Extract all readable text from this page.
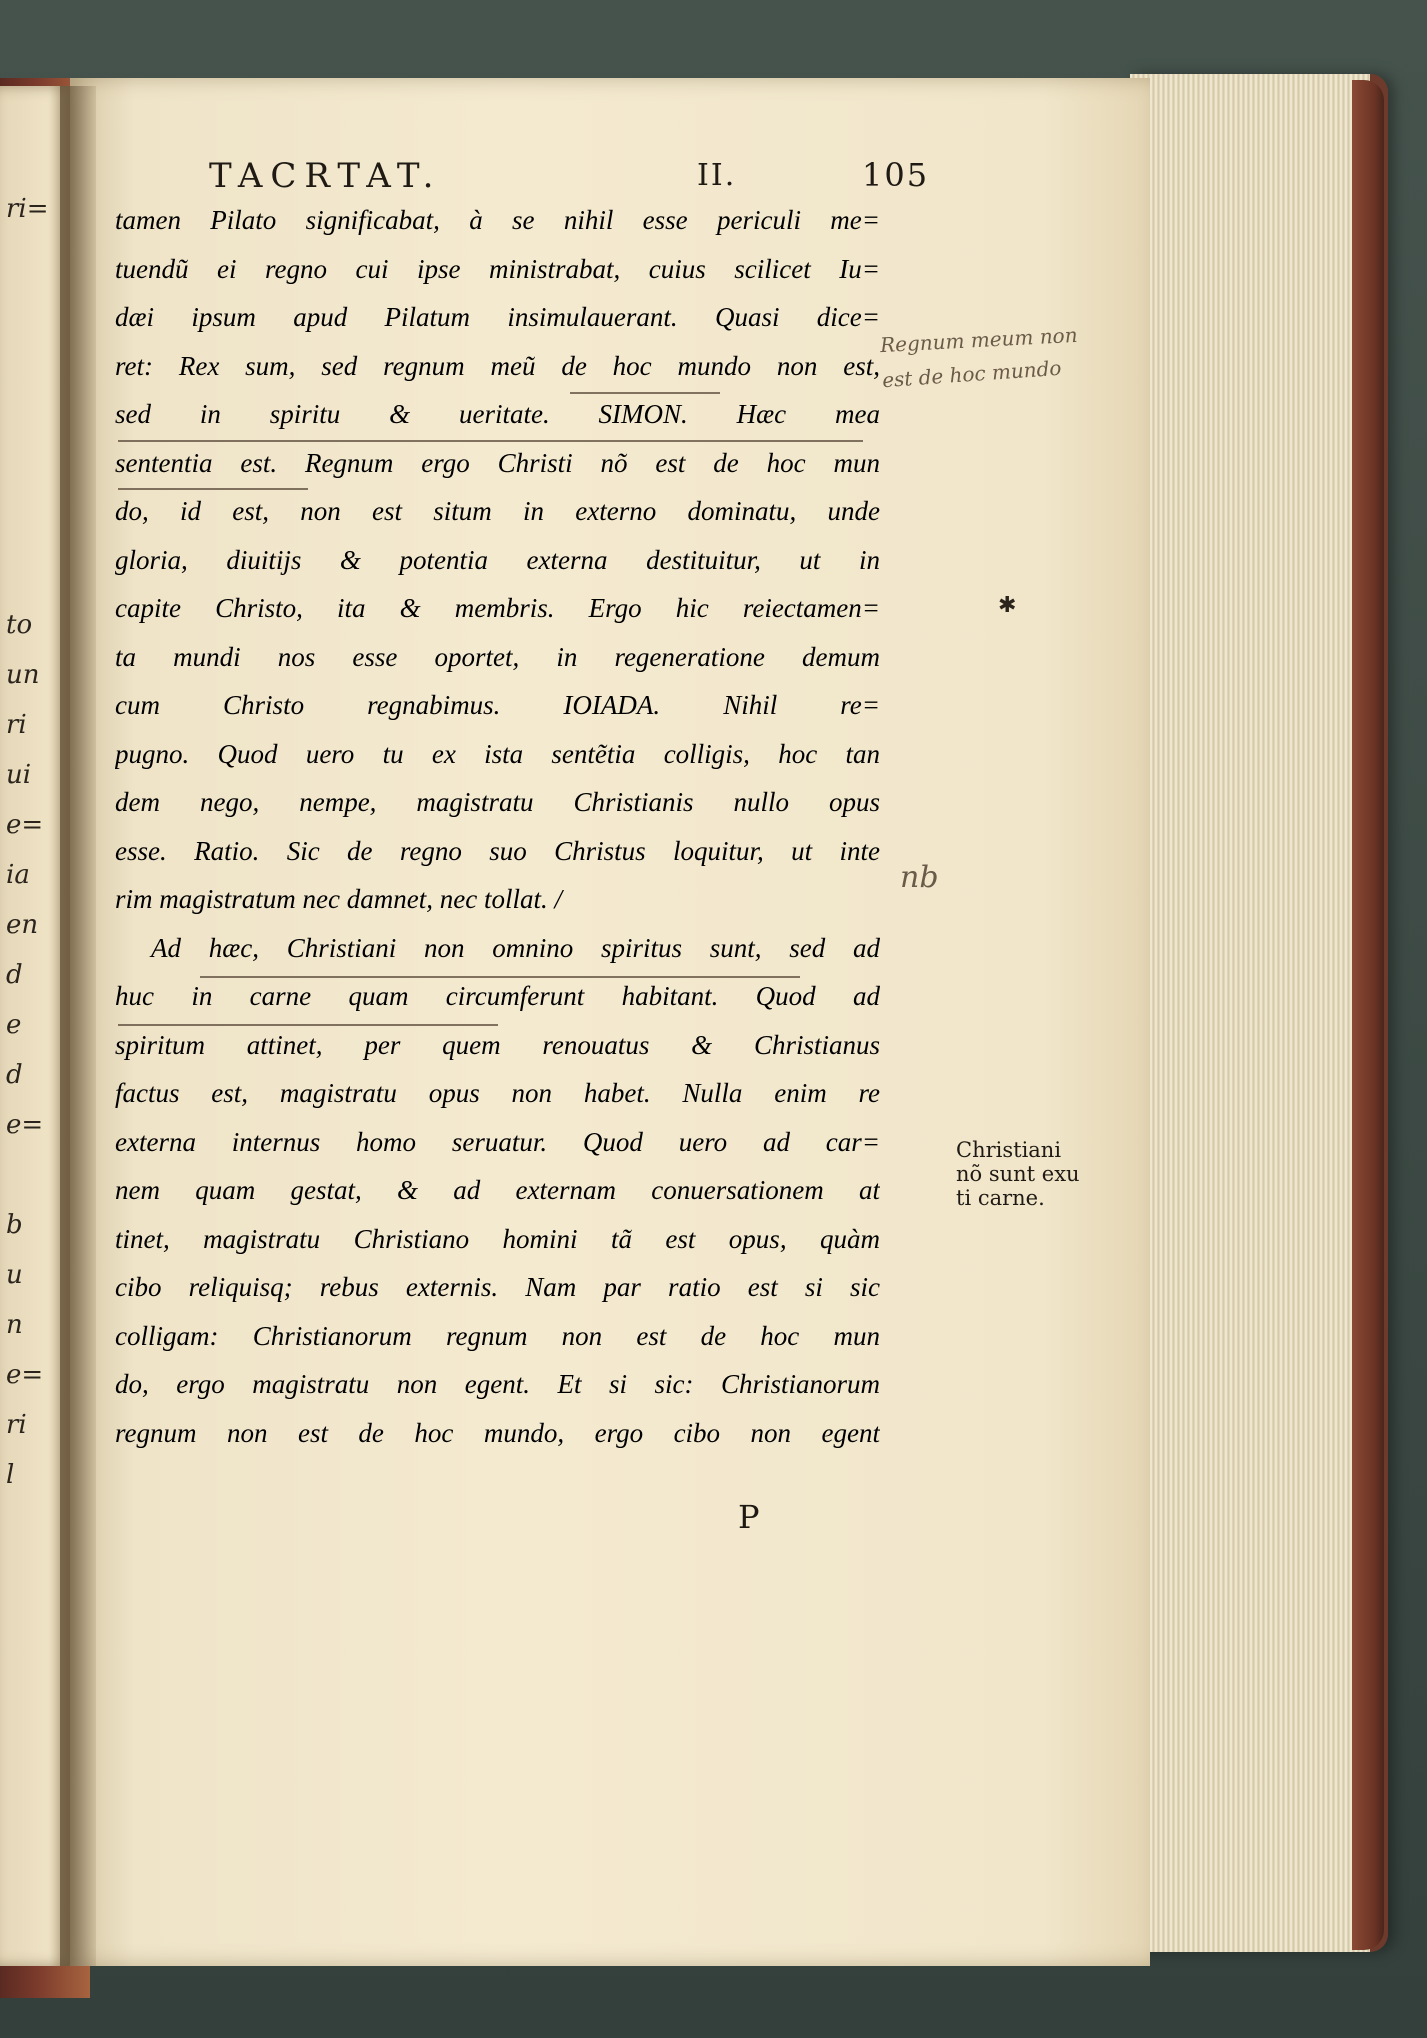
ri=
to
un
ri
ui
e=
ia
en
d
e
d
e=
b
u
n
e=
ri
l
TACRTAT.	II.	105
tamen Pilato significabat, à se nihil esse periculi me=
tuendũ ei regno cui ipse ministrabat, cuius scilicet Iu=
dæi ipsum apud Pilatum insimulauerant. Quasi dice=
ret: Rex sum, sed regnum meũ de hoc mundo non est,
sed in spiritu & ueritate. SIMON. Hæc mea
sententia est. Regnum ergo Christi nõ est de hoc mun
do, id est, non est situm in externo dominatu, unde
gloria, diuitijs & potentia externa destituitur, ut in
capite Christo, ita & membris. Ergo hic reiectamen=
ta mundi nos esse oportet, in regeneratione demum
cum Christo regnabimus. IOIADA. Nihil re=
pugno. Quod uero tu ex ista sentẽtia colligis, hoc tan
dem nego, nempe, magistratu Christianis nullo opus
esse. Ratio. Sic de regno suo Christus loquitur, ut inte
rim magistratum nec damnet, nec tollat. /
Ad hæc, Christiani non omnino spiritus sunt, sed ad
huc in carne quam circumferunt habitant. Quod ad
spiritum attinet, per quem renouatus & Christianus
factus est, magistratu opus non habet. Nulla enim re
externa internus homo seruatur. Quod uero ad car=
nem quam gestat, & ad externam conuersationem at
tinet, magistratu Christiano homini tã est opus, quàm
cibo reliquisq; rebus externis. Nam par ratio est si sic
colligam: Christianorum regnum non est de hoc mun
do, ergo magistratu non egent. Et si sic: Christianorum
regnum non est de hoc mundo, ergo cibo non egent
Regnum meum non
est de hoc mundo
nb
✱
Christiani
nõ sunt exu
ti carne.
P
